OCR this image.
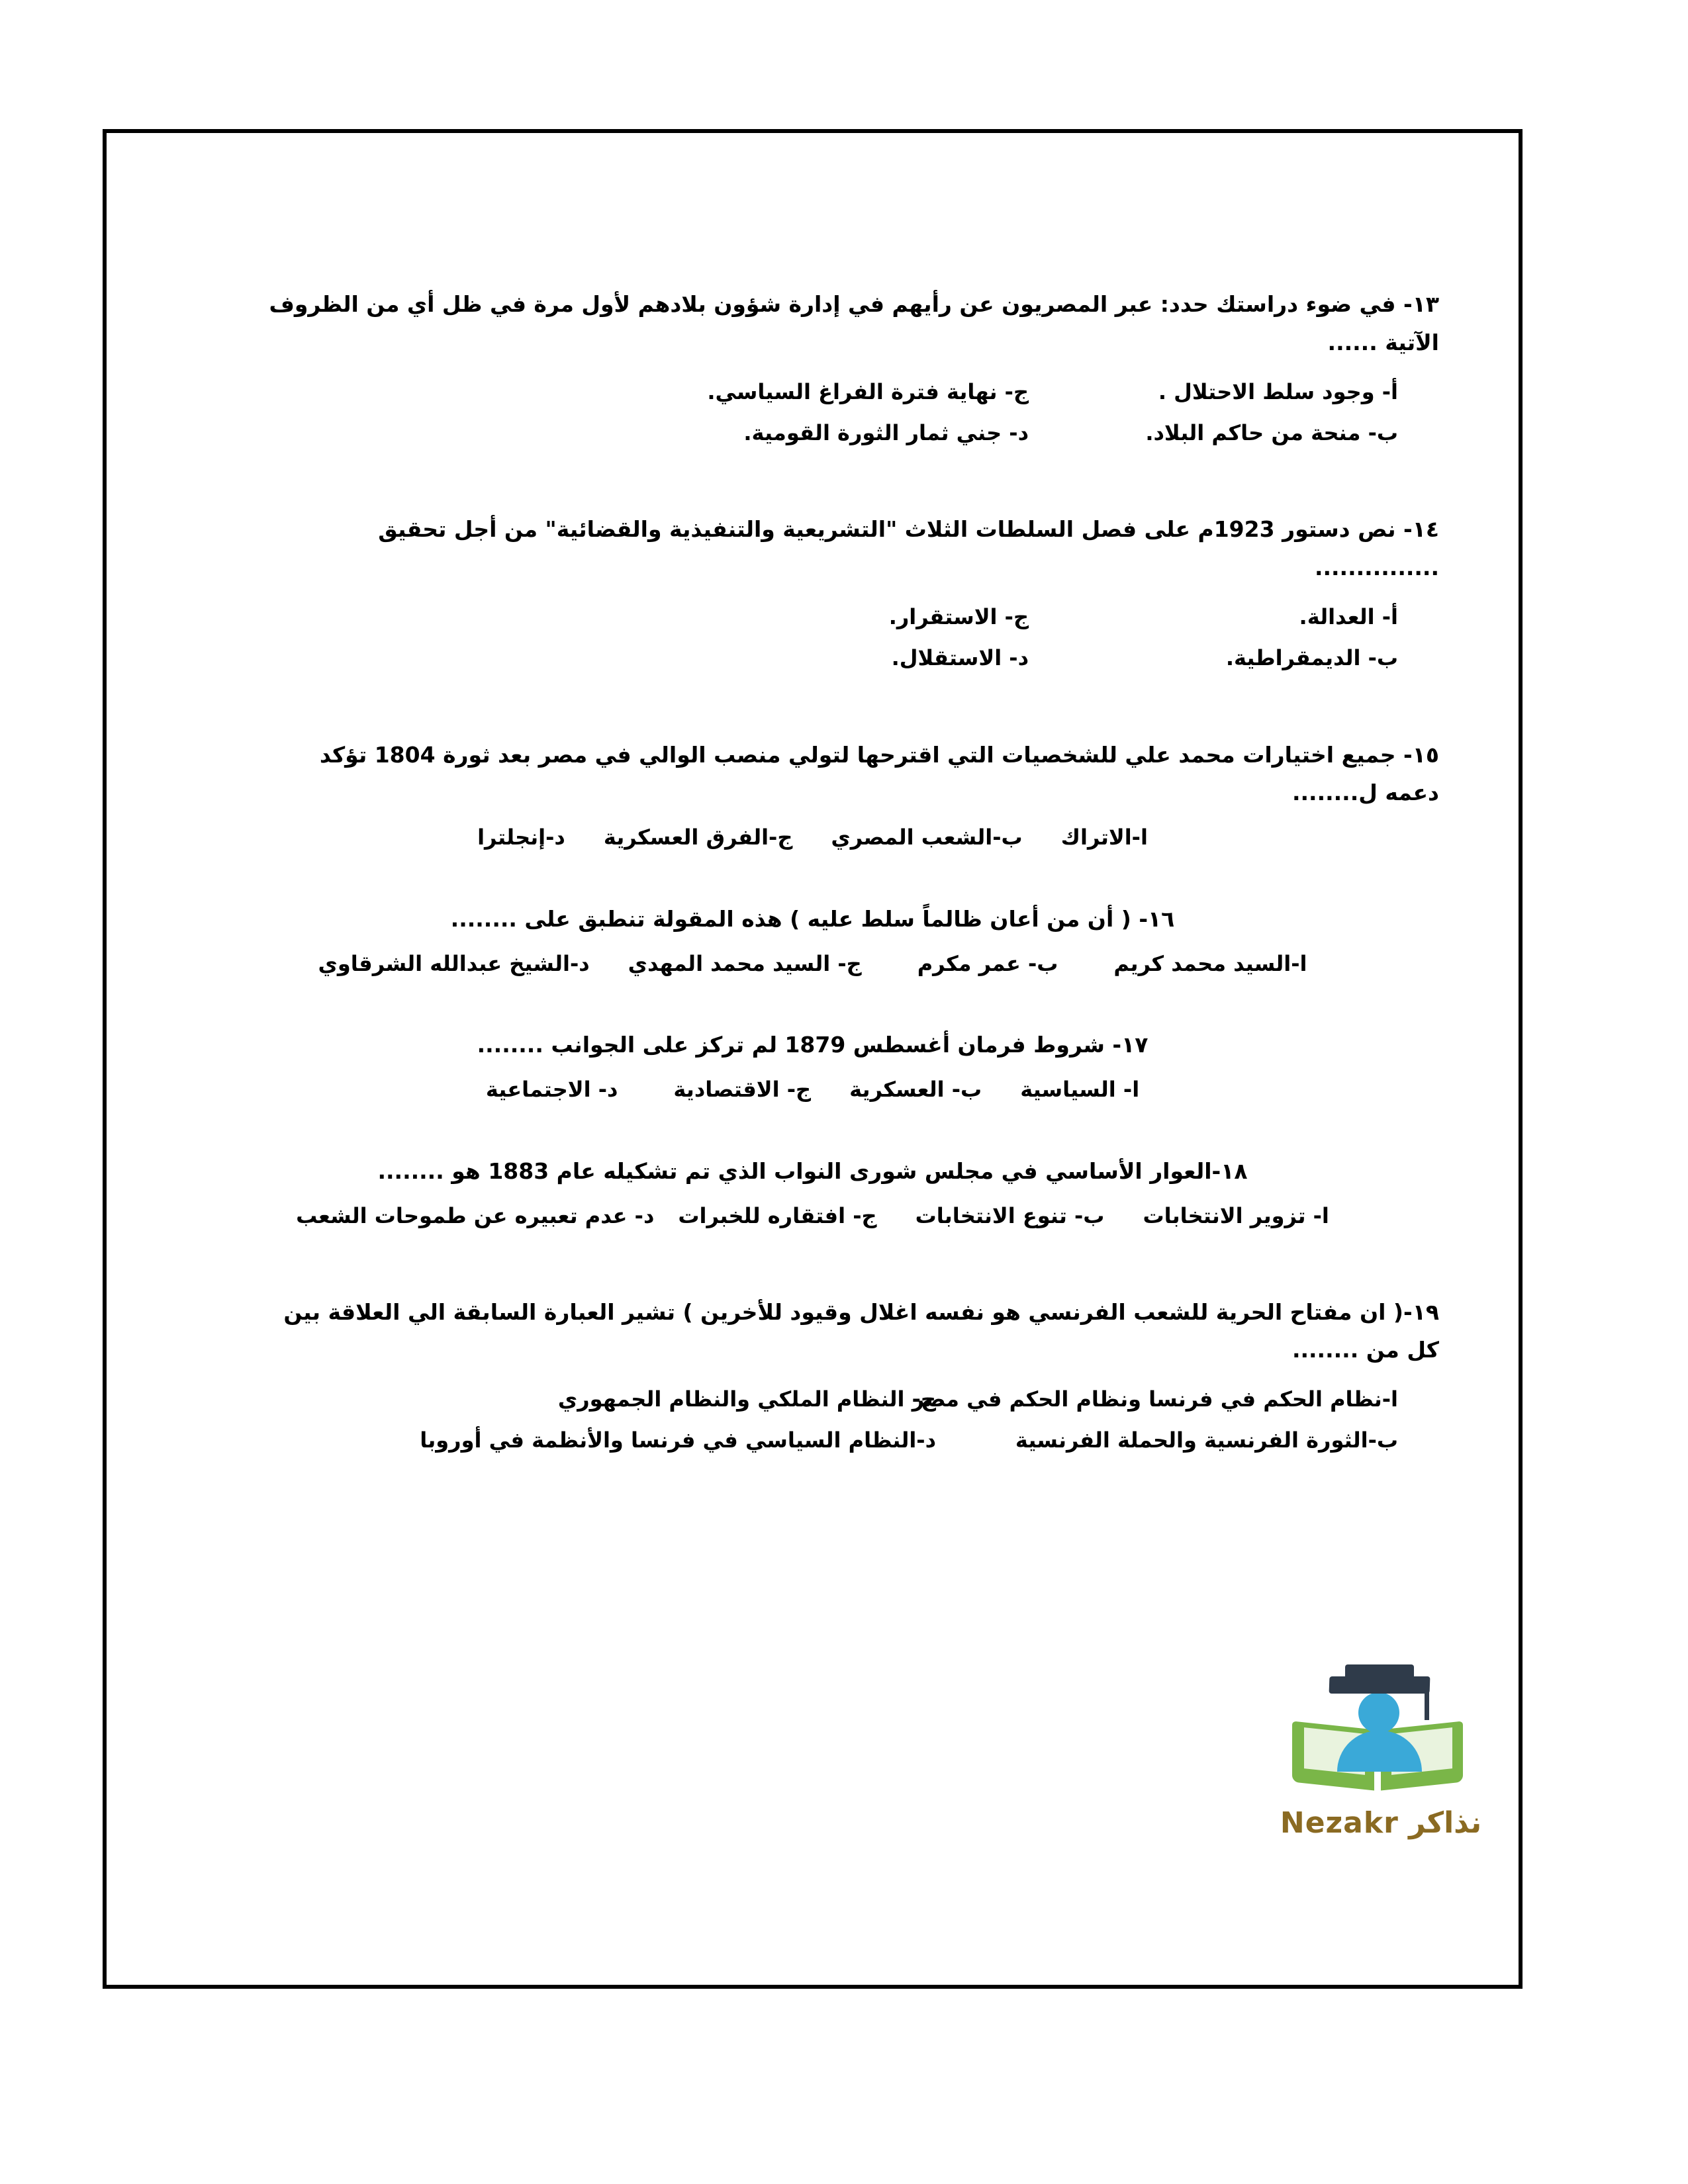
١٣- في ضوء دراستك حدد: عبر المصريون عن رأيهم في إدارة شؤون بلادهم لأول مرة في ظل أي من الظروف
الآتية ......
أ- وجود سلط الاحتلال .
ب- منحة من حاكم البلاد.
ج- نهاية فترة الفراغ السياسي.
د- جني ثمار الثورة القومية.
١٤- نص دستور 1923م على فصل السلطات الثلاث "التشريعية والتنفيذية والقضائية" من أجل تحقيق
...............
أ- العدالة.
ب- الديمقراطية.
ج- الاستقرار.
د- الاستقلال.
١٥- جميع اختيارات محمد علي للشخصيات التي اقترحها لتولي منصب الوالي في مصر بعد ثورة 1804 تؤكد
دعمه ل........
ا-الاتراكب-الشعب المصريج-الفرق العسكريةد-إنجلترا
١٦- ( أن من أعان ظالماً سلط عليه ) هذه المقولة تنطبق على ........
ا-السيد محمد كريمب- عمر مكرمج- السيد محمد المهديد-الشيخ عبدالله الشرقاوي
١٧- شروط فرمان أغسطس 1879 لم تركز على الجوانب ........
ا- السياسيةب- العسكريةج- الاقتصاديةد- الاجتماعية
١٨-العوار الأساسي في مجلس شورى النواب الذي تم تشكيله عام 1883 هو ........
ا- تزوير الانتخاباتب- تنوع الانتخاباتج- افتقاره للخبراتد- عدم تعبيره عن طموحات الشعب
١٩-( ان مفتاح الحرية للشعب الفرنسي هو نفسه اغلال وقيود للأخرين ) تشير العبارة السابقة الي العلاقة بين
كل من ........
ا-نظام الحكم في فرنسا ونظام الحكم في مصر
ب-الثورة الفرنسية والحملة الفرنسية
ج- النظام الملكي والنظام الجمهوري
د-النظام السياسي في فرنسا والأنظمة في أوروبا
نذاكر Nezakr
